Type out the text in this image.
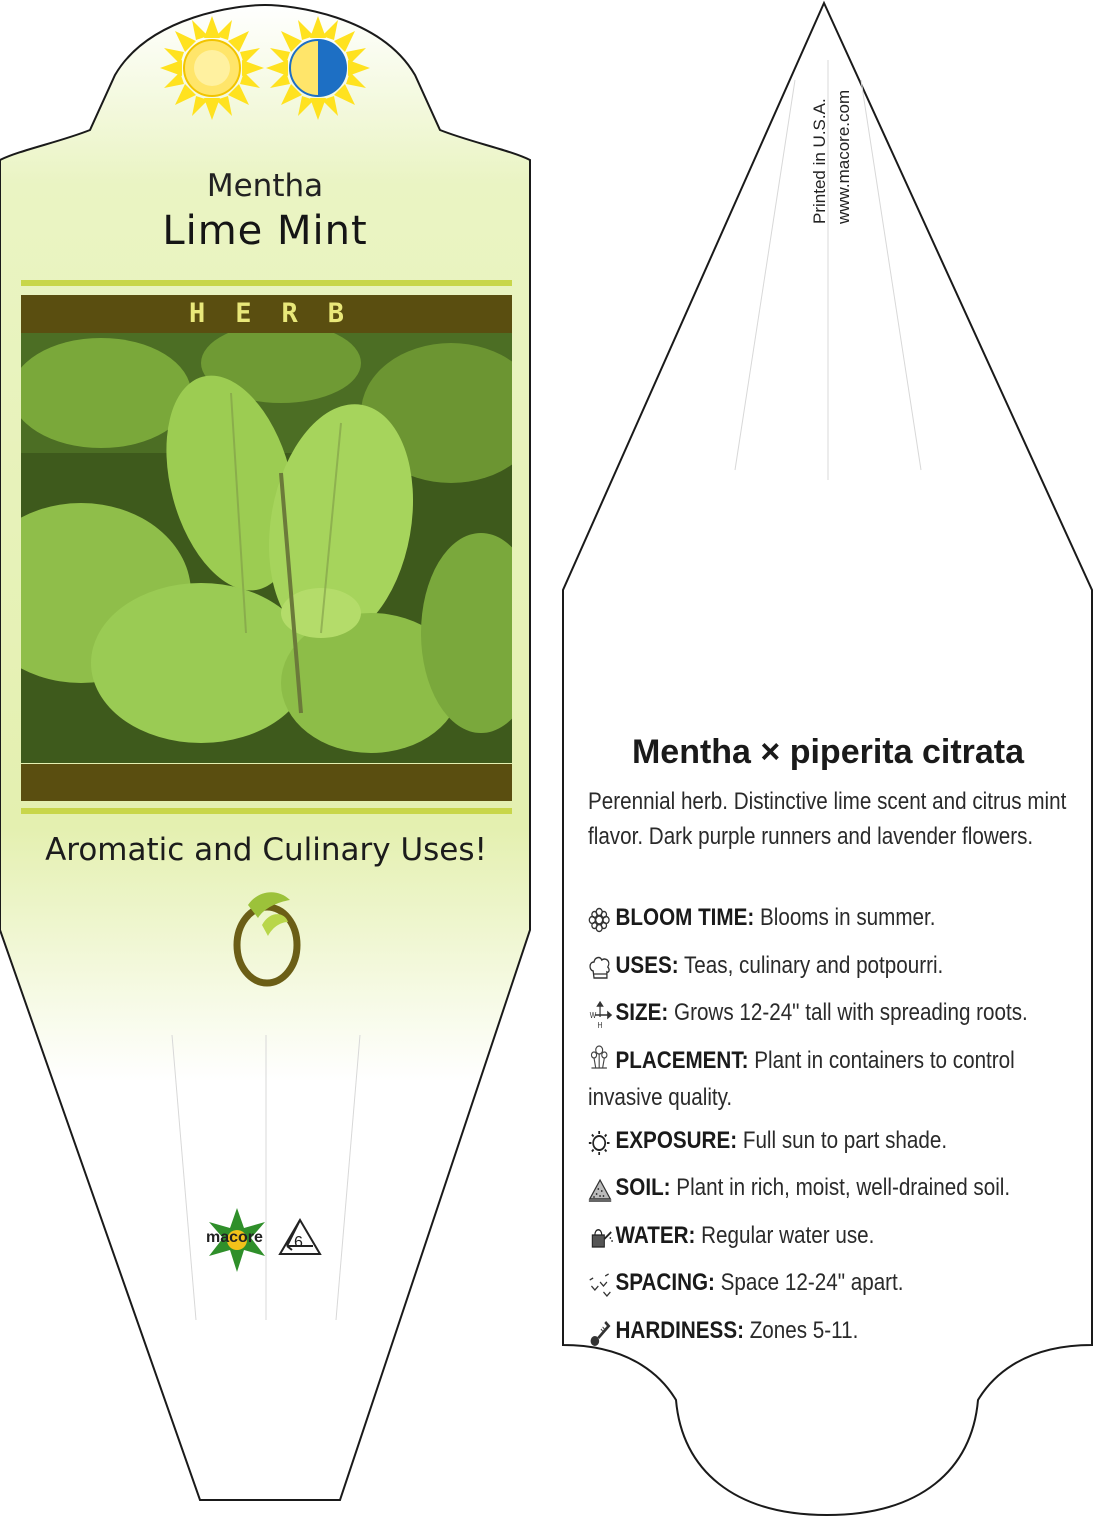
Mentha
Lime Mint
HERB
Aromatic and Culinary Uses!
macore 6
Printed in U.S.A. www.macore.com
Mentha × piperita citrata
Perennial herb. Distinctive lime scent and citrus mint flavor. Dark purple runners and lavender flowers.
BLOOM TIME: Blooms in summer.
USES: Teas, culinary and potpourri.
W
H SIZE: Grows 12-24" tall with spreading roots.
PLACEMENT: Plant in containers to control invasive quality.
EXPOSURE: Full sun to part shade.
SOIL: Plant in rich, moist, well-drained soil.
WATER: Regular water use.
SPACING: Space 12-24" apart.
HARDINESS: Zones 5-11.
